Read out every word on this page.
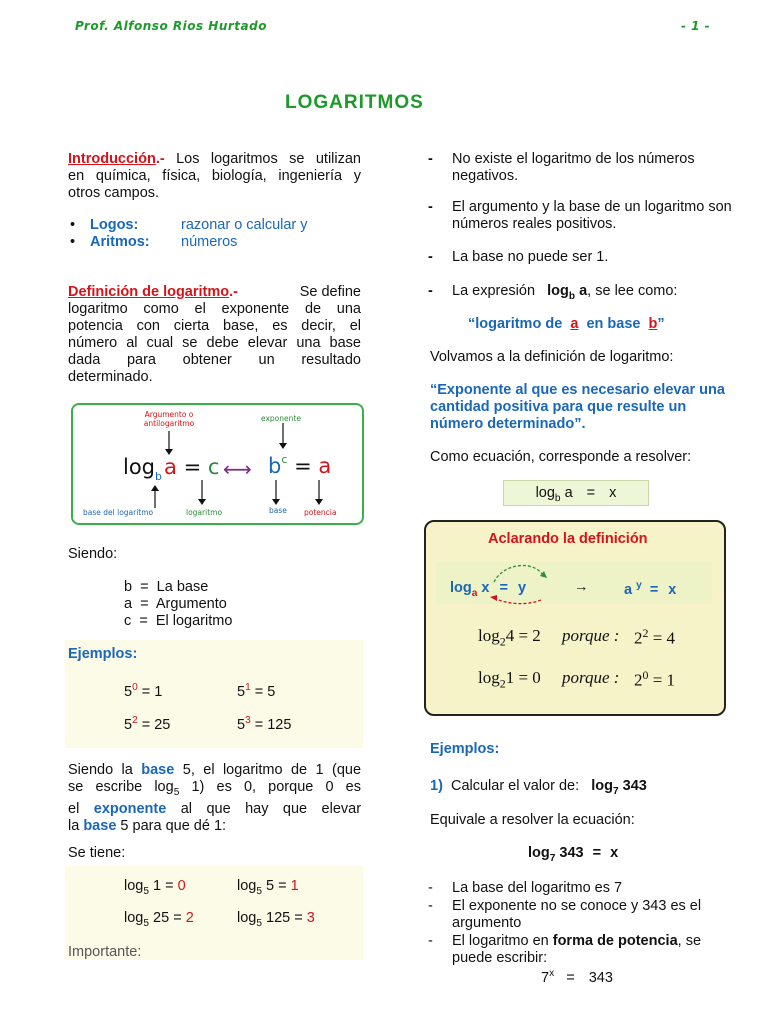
Prof. Alfonso Rios Hurtado	- 1 -
LOGARITMOS
Introducción.- Los logaritmos se utilizan
en química, física, biología, ingeniería y
otros campos.
• Logos:	razonar o calcular y
• Aritmos: números
Definición de logaritmo.-	Se define
logaritmo como el exponente de una
potencia con cierta base, es decir, el
número al cual se debe elevar una base
dada para obtener un resultado
determinado.
Argumento o
antilogaritmo
exponente
$\log_ba = c$ ⟷ $b^c = a$
base del logaritmo	logaritmo	base potencia
Siendo:
b = La base
a = Argumento
c = El logaritmo
Ejemplos:
$5^0 = 1$	$5^1 = 5$
$5^2 = 25$	$5^3 = 125$
Siendo la base 5, el logaritmo de 1 (que
se escribe $\log_5 1$) es 0, porque 0 es
el exponente al que hay que elevar
la base 5 para que dé 1:
Se tiene:
$\log_5 1 = 0$	$\log_5 5 = 1$
$\log_5 25 = 2$	$\log_5 125 = 3$
Importante:
- No existe el logaritmo de los números negativos.
- El argumento y la base de un logaritmo son números reales positivos.
- La base no puede ser 1.
- La expresión $\log_b a$, se lee como:
“logaritmo de a en base b”
Volvamos a la definición de logaritmo:
“Exponente al que es necesario elevar una cantidad positiva para que resulte un número determinado”.
Como ecuación, corresponde a resolver:
$\log_b a = x$
Aclarando la definición
$\log_a x = y$	→ a $^y$ = x
$\log_24 = 2$ porque : $2^2 = 4$
$\log_21 = 0$ porque : $2^0 = 1$
Ejemplos:
1) Calcular el valor de: $\log_7 343$
Equivale a resolver la ecuación:
$\log_7 343 = x$
- La base del logaritmo es 7
- El exponente no se conoce y 343 es el argumento
- El logaritmo en forma de potencia, se puede escribir:
$7^x = 343$
